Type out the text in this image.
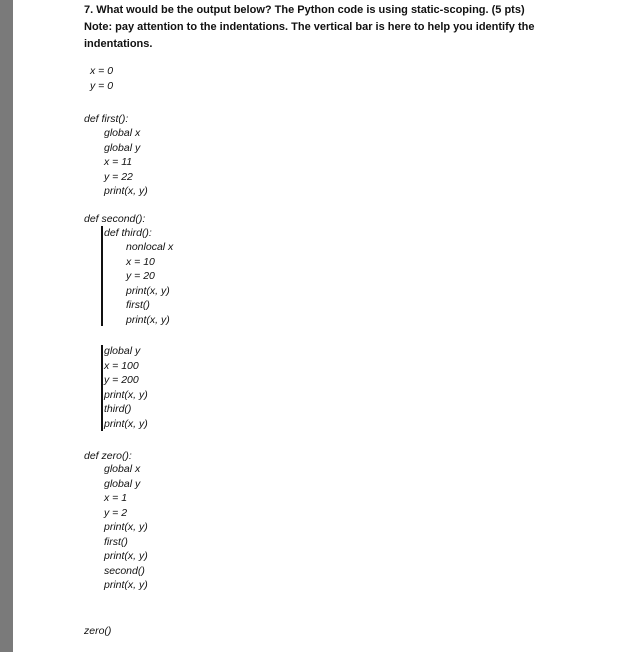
7. What would be the output below? The Python code is using static-scoping. (5 pts)
Note: pay attention to the indentations. The vertical bar is here to help you identify the
indentations.
x = 0
y = 0
def first():
global x
global y
x = 11
y = 22
print(x, y)
def second():
def third():
nonlocal x
x = 10
y = 20
print(x, y)
first()
print(x, y)
global y
x = 100
y = 200
print(x, y)
third()
print(x, y)
def zero():
global x
global y
x = 1
y = 2
print(x, y)
first()
print(x, y)
second()
print(x, y)
zero()
